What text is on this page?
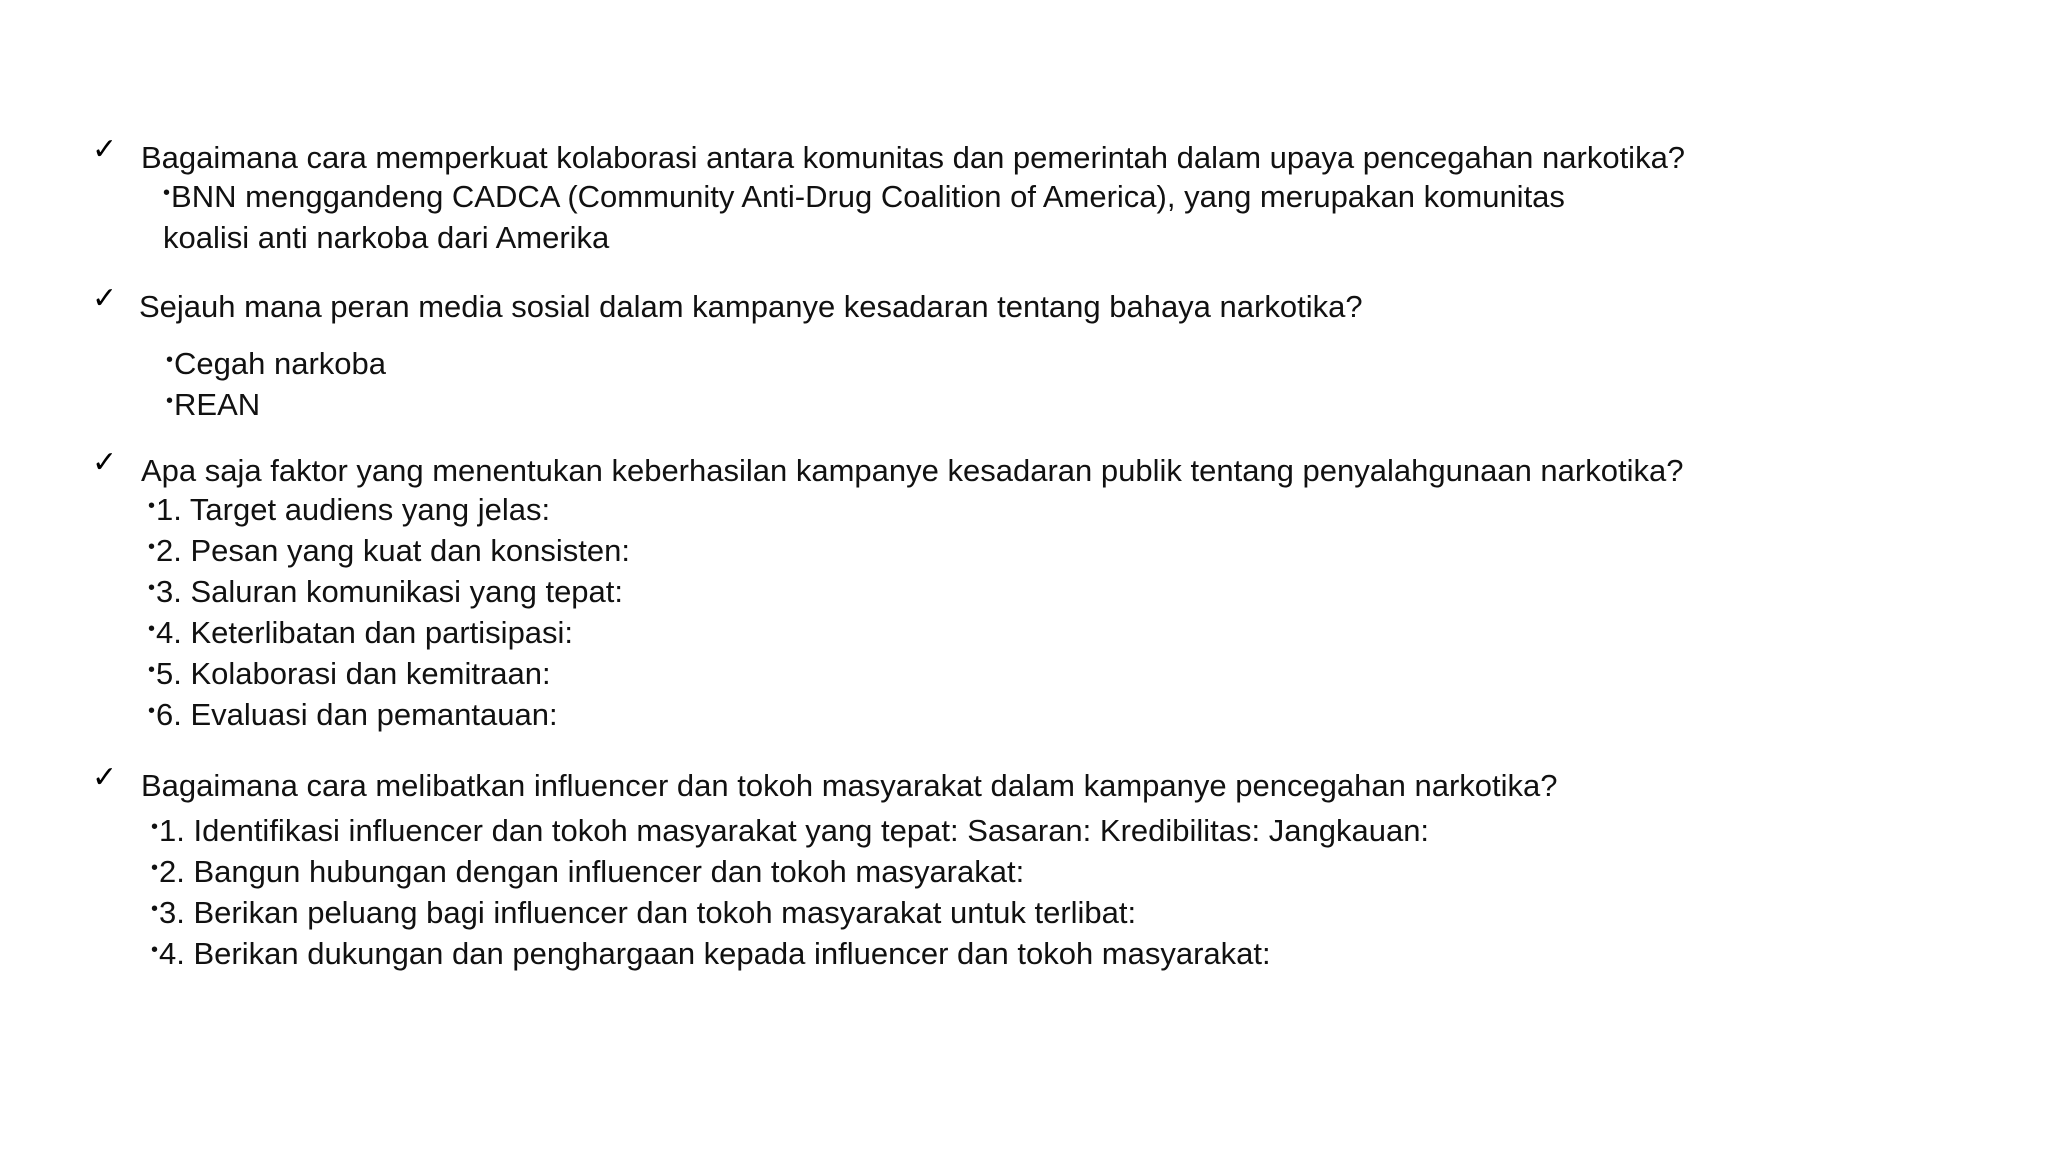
✓ Bagaimana cara memperkuat kolaborasi antara komunitas dan pemerintah dalam upaya pencegahan narkotika?
•BNN menggandeng CADCA (Community Anti-Drug Coalition of America), yang merupakan komunitas
koalisi anti narkoba dari Amerika
✓ Sejauh mana peran media sosial dalam kampanye kesadaran tentang bahaya narkotika?
•Cegah narkoba
•REAN
✓ Apa saja faktor yang menentukan keberhasilan kampanye kesadaran publik tentang penyalahgunaan narkotika?
•1. Target audiens yang jelas:
•2. Pesan yang kuat dan konsisten:
•3. Saluran komunikasi yang tepat:
•4. Keterlibatan dan partisipasi:
•5. Kolaborasi dan kemitraan:
•6. Evaluasi dan pemantauan:
✓ Bagaimana cara melibatkan influencer dan tokoh masyarakat dalam kampanye pencegahan narkotika?
•1. Identifikasi influencer dan tokoh masyarakat yang tepat: Sasaran: Kredibilitas: Jangkauan:
•2. Bangun hubungan dengan influencer dan tokoh masyarakat:
•3. Berikan peluang bagi influencer dan tokoh masyarakat untuk terlibat:
•4. Berikan dukungan dan penghargaan kepada influencer dan tokoh masyarakat:
